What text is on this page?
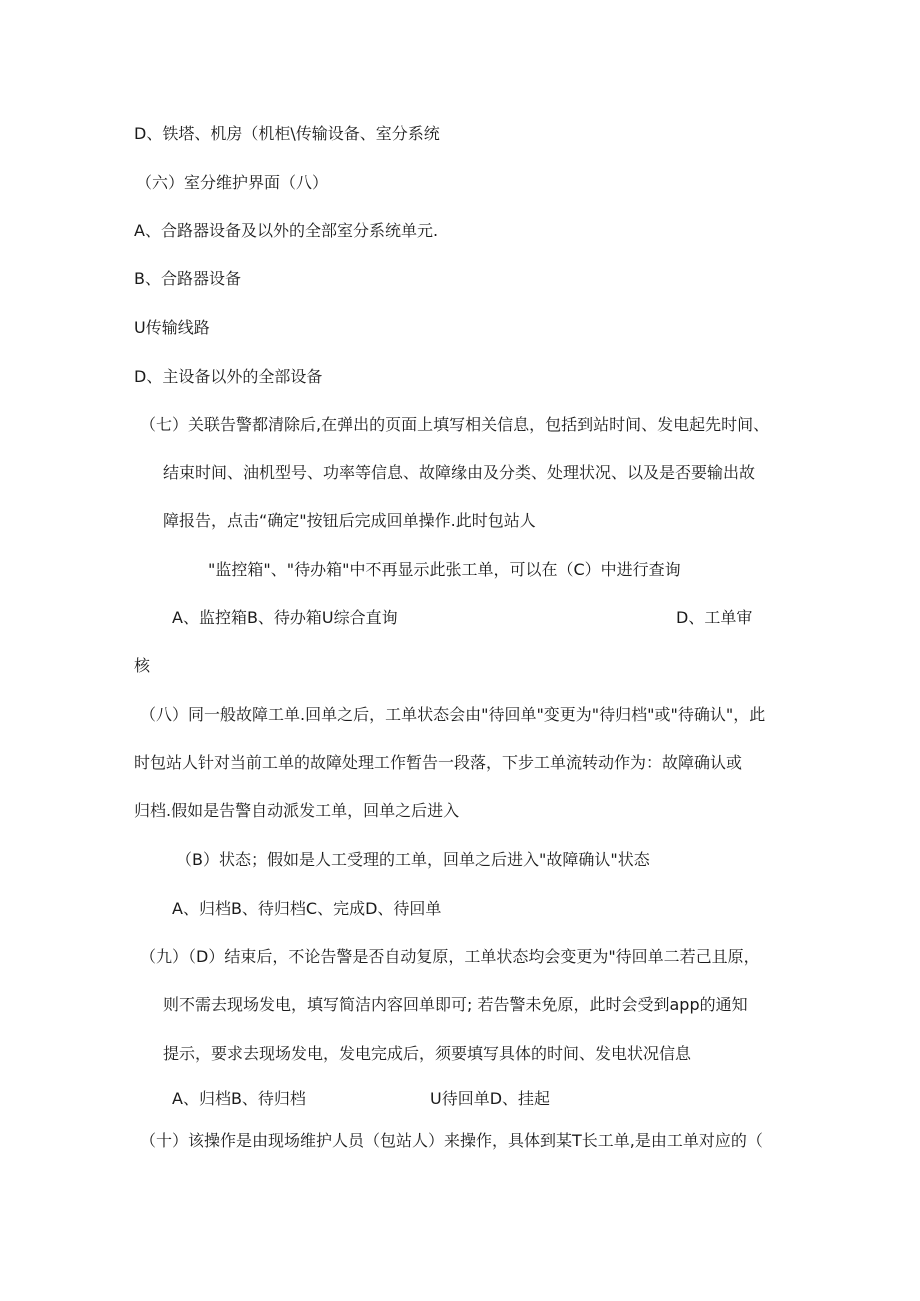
D、铁塔、机房（机柜\传输设备、室分系统
（六）室分维护界面（八）
A、合路器设备及以外的全部室分系统单元.
B、合路器设备
U传输线路
D、主设备以外的全部设备
（七）关联告警都清除后,在弹出的页面上填写相关信息，包括到站时间、发电起先时间、
结束时间、油机型号、功率等信息、故障缘由及分类、处理状况、以及是否要输出故
障报告，点击“确定"按钮后完成回单操作.此时包站人
"监控箱"、"待办箱"中不再显示此张工单，可以在（C）中进行查询
A、监控箱B、待办箱U综合直询	D、工单审
核
（八）同一般故障工单.回单之后，工单状态会由"待回单"变更为"待归档"或"待确认"，此
时包站人针对当前工单的故障处理工作暂告一段落，下步工单流转动作为：故障确认或
归档.假如是告警自动派发工单，回单之后进入
（B）状态；假如是人工受理的工单，回单之后进入"故障确认"状态
A、归档B、待归档C、完成D、待回单
（九）（D）结束后，不论告警是否自动复原，工单状态均会变更为"待回单二若己且原，
则不需去现场发电，填写简洁内容回单即可; 若告警未免原，此时会受到app的通知
提示，要求去现场发电，发电完成后，须要填写具体的时间、发电状况信息
A、归档B、待归档	U待回单D、挂起
（十）该操作是由现场维护人员（包站人）来操作，具体到某T长工单,是由工单对应的（
